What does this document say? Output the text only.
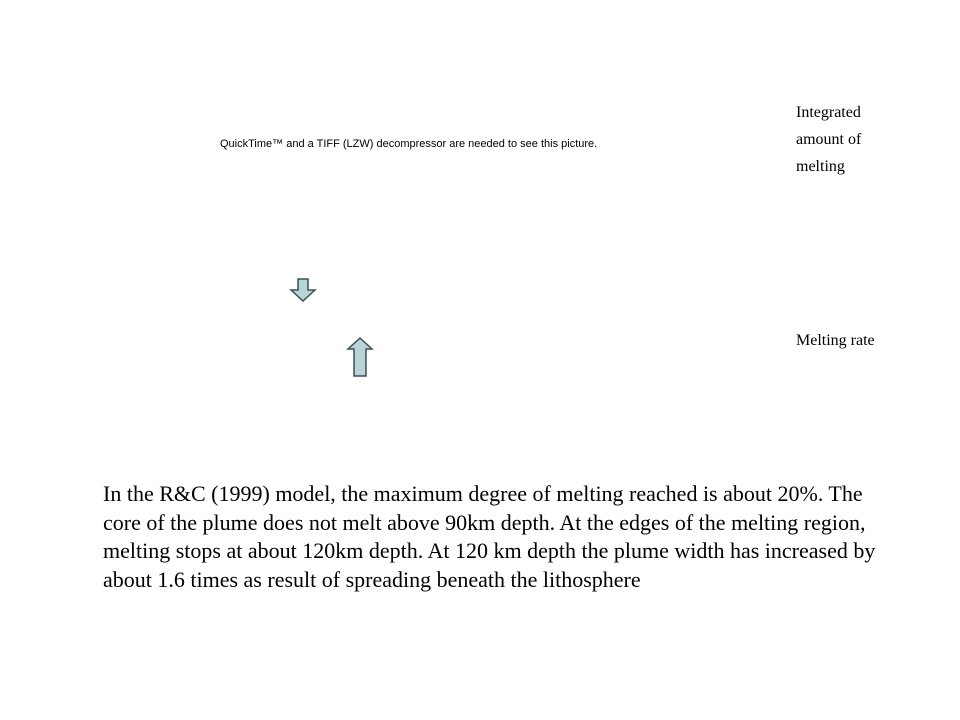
QuickTime™ and a TIFF (LZW) decompressor are needed to see this picture.
Integrated
amount of
melting
Melting rate

In the R&C (1999) model, the maximum degree of melting reached is about 20%. The core of the plume does not melt above 90km depth. At the edges of the melting region, melting stops at about 120km depth. At 120 km depth the plume width has increased by about 1.6 times as result of spreading beneath the lithosphere
